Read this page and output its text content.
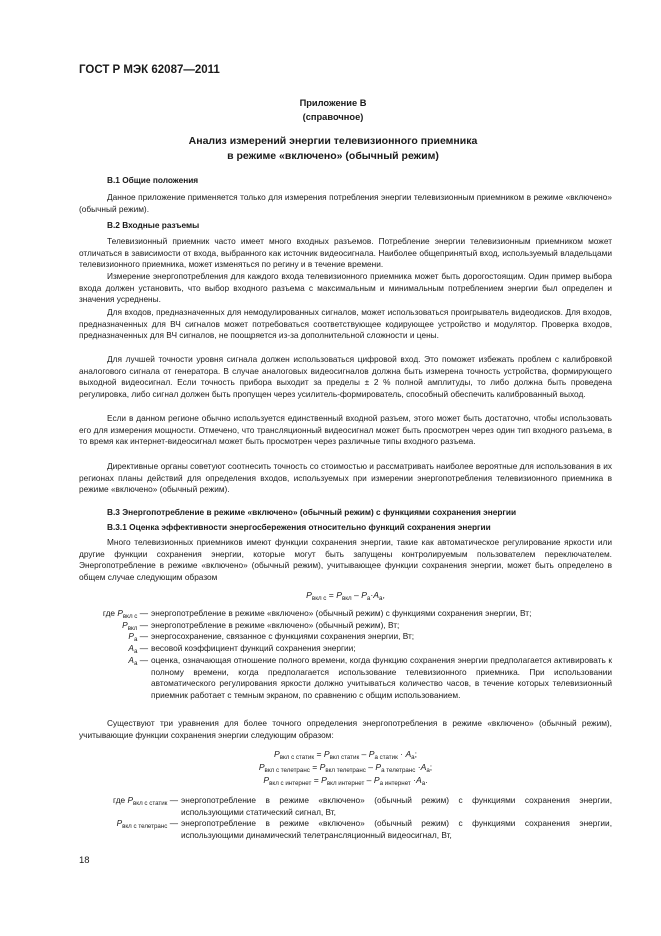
ГОСТ Р МЭК 62087—2011
Приложение В
(справочное)
Анализ измерений энергии телевизионного приемника
в режиме «включено» (обычный режим)
В.1 Общие положения

Данное приложение применяется только для измерения потребления энергии телевизионным приемником в режиме «включено» (обычный режим).

В.2 Входные разъемы

Телевизионный приемник часто имеет много входных разъемов. Потребление энергии телевизионным приемником может отличаться в зависимости от входа, выбранного как источник видеосигнала. Наиболее общепринятый вход, используемый владельцами телевизионного приемника, может изменяться по регину и в течение времени.

Измерение энергопотребления для каждого входа телевизионного приемника может быть дорогостоящим. Один пример выбора входа должен установить, что выбор входного разъема с максимальным и минимальным потреблением энергии был определен и значения усреднены.

Для входов, предназначенных для немодулированных сигналов, может использоваться проигрыватель видеодисков. Для входов, предназначенных для ВЧ сигналов может потребоваться соответствующее кодирующее устройство и модулятор. Проверка входов, предназначенных для ВЧ сигналов, не поощряется из-за дополнительной сложности и цены.

Для лучшей точности уровня сигнала должен использоваться цифровой вход. Это поможет избежать проблем с калибровкой аналогового сигнала от генератора. В случае аналоговых видеосигналов должна быть измерена точность устройства, формирующего выходной видеосигнал. Если точность прибора выходит за пределы ± 2 % полной амплитуды, то либо должна быть проведена регулировка, либо сигнал должен быть пропущен через усилитель-формирователь, способный обеспечить калиброванный выход.

Если в данном регионе обычно используется единственный входной разъем, этого может быть достаточно, чтобы использовать его для измерения мощности. Отмечено, что трансляционный видеосигнал может быть просмотрен через один тип входного разъема, в то время как интернет-видеосигнал может быть просмотрен через различные типы входного разъема.

Директивные органы советуют соотнесить точность со стоимостью и рассматривать наиболее вероятные для использования в их регионах планы действий для определения входов, используемых при измерении энергопотребления телевизионного приемника в режиме «включено» (обычный режим).

В.3 Энергопотребление в режиме «включено» (обычный режим) с функциями сохранения энергии
В.3.1 Оценка эффективности энергосбережения относительно функций сохранения энергии

Много телевизионных приемников имеют функции сохранения энергии, такие как автоматическое регулирование яркости или другие функции сохранения энергии, которые могут быть запущены контролируемым пользователем переключателем. Энергопотребление в режиме «включено» (обычный режим), учитывающее функции сохранения энергии, может быть определено в общем случае следующим образом

$P_{вкл с} = P_{вкл} - P_а\cdot A_а$,
где $P_{вкл с}$ — энергопотребление в режиме «включено» (обычный режим) с функциями сохранения энергии, Вт;
$P_{вкл}$ — энергопотребление в режиме «включено» (обычный режим), Вт;
$P_а$ — энергосохранение, связанное с функциями сохранения энергии, Вт;
$A_а$ — весовой коэффициент функций сохранения энергии;
$A_а$ — оценка, означающая отношение полного времени, когда функцию сохранения энергии предполагается активировать к полному времени, когда предполагается использование телевизионного приемника. При использовании автоматического регулирования яркости должно учитываться количество часов, в течение которых телевизионный приемник работает с темным экраном, по сравнению с общим использованием.

Существуют три уравнения для более точного определения энергопотребления в режиме «включено» (обычный режим), учитывающие функции сохранения энергии следующим образом:

$P_{вкл с статик} = P_{вкл статик} - P_{а статик} \cdot A_а$;
$P_{вкл с телетранс} = P_{вкл телетранс} - P_{а телетранс} \cdot A_а$;
$P_{вкл с интернет} = P_{вкл интернет} - P_{а интернет} \cdot A_а$.
где $P_{вкл с статик}$ — энергопотребление в режиме «включено» (обычный режим) с функциями сохранения энергии, использующими статический сигнал, Вт,
$P_{вкл с телетранс}$ — энергопотребление в режиме «включено» (обычный режим) с функциями сохранения энергии, использующими динамический телетрансляционный видеосигнал, Вт,
18
